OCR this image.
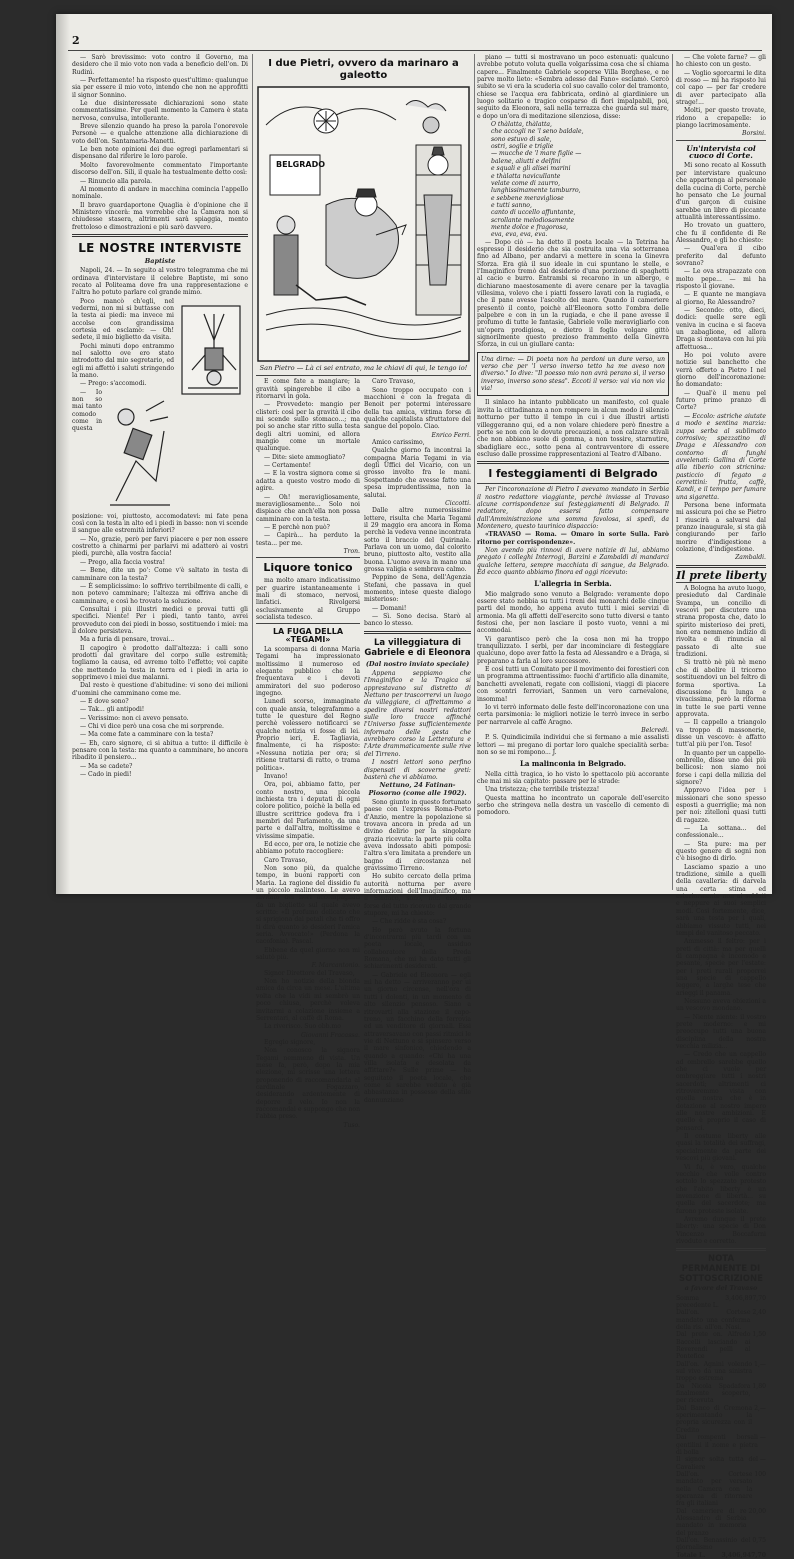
2

— Sarò brevissimo: voto contro il Governo, ma desidero che il mio voto non vada a beneficio dell'on. Di Rudinì.

— Perfettamente! ha risposto quest'ultimo: qualunque sia per essere il mio voto, intendo che non ne approfitti il signor Sonnino.

Le due disinteressate dichiarazioni sono state commentatissime. Per quell momento la Camera è stata nervosa, convulsa, intollerante.

Breve silenzio quando ha preso la parola l'onorevole Personè — e qualche attenzione alla dichiarazione di voto dell'on. Santamaria-Manetti.

Le ben note opinioni dei due egregi parlamentari si dispensano dal riferire le loro parole.

Molto favorevolmente commentato l'importante discorso dell'on. Sili, il quale ha testualmente detto così:

— Rinuncio alla parola.

Al momento di andare in macchina comincia l'appello nominale.

Il bravo guardaportone Quaglia è d'opinione che il Ministero vincerà: ma vorrebbe che la Camera non si chiudesse stasera, altrimenti sarà spiaggia, mento frettoloso e dimostrazioni e più sarò davvero.

LE NOSTRE INTERVISTE
Baptiste

Napoli, 24. — In seguito al vostro telegramma che mi ordinava d'intervistare il celebre Baptiste, mi sono recato al Politeama dove fra una rappresentazione e l'altra ho potuto parlare col grande mimo.

Poco mancò ch'egli, nel vedermi, non mi si buttasse con la testa ai piedi: ma invece mi accolse con grandissima cortesia ed esclamò: — Oh! sedete, il mio biglietto da visita.

Pochi minuti dopo entrammo nel salotto ove ero stato introdotto dal mio segretario, ed egli mi affettò i saluti stringendo la mano.

— Prego: s'accomodi.

— Io non so mai tanto comodo come in questa posizione: voi, piuttosto, accomodatevi: mi fate pena così con la testa in alto ed i piedi in basso: non vi scende il sangue alle estremità inferiori?

— No, grazie, però per farvi piacere e per non essere costretto a chinarmi per parlarvi mi adatterò ai vostri piedi, purchè, alla vostra faccia!

— Prego, alla faccia vostra!

— Bene, dite un po': Come v'è saltato in testa di camminare con la testa?

— È semplicissimo: lo soffrivo terribilmente di calli, e non potevo camminare; l'altezza mi offriva anche di camminare, e così ho trovato la soluzione.

Consultai i più illustri medici e provai tutti gli specifici. Niente! Per i piedi, tanto tanto, avrei provveduto con dei piedi in bosso, sostituendo i miei: ma il dolore persisteva.

Ma a furia di pensare, trovai...

Il capogiro è prodotto dall'altezza: i calli sono prodotti dal gravitare del corpo sulle estremità; togliamo la causa, ed avremo tolto l'effetto; voi capite che mettendo la testa in terra ed i piedi in aria io sopprimevo i miei due malanni.

Dal resto è questione d'abitudine: vi sono dei milioni d'uomini che camminano come me.

— E dove sono?

— Tak... gli antipodi!

— Verissimo: non ci avevo pensato.

— Chi vi dice però una cosa che mi sorprende.

— Ma come fate a camminare con la testa?

— Eh, caro signore, ci si abitua a tutto: il difficile è pensare con la testa: ma quanto a camminare, ho ancora ribadito il pensiero...

— Ma se cadete?

— Cado in piedi!

I due Pietri, ovvero da marinaro a galeotto
BELGRADO
San Pietro — Là ci sei entrato, ma le chiavi di qui, le tengo io!

E come fate a mangiare; la gravità spingerebbe il cibo a ritornarvi in gola.

— Provvedeto: mangio per clisteri: così per la gravità il cibo mi scende sullo stomaco...; ma poi so anche star ritto sulla testa degli altri uomini, ed allora mangio come un mortale qualunque.

— Dite: siete ammogliato?

— Certamente!

— E la vostra signora come si adatta a questo vostro modo di agire.

— Oh! meravigliosamente, meravigliosamente... Solo noi dispiace che anch'ella non possa camminare con la testa.

— E perchè non può?

— Capirà... ha perduto la testa... per me.

Tron.
Liquore tonico

ma molto amaro indicatissimo per guarire istantaneamente i mali di stomaco, nervosi, linfatici. Rivolgersi esclusivamente al Gruppo socialista tedesco.

LA FUGA DELLA «TEGAMI»

La scomparsa di donna Maria Tegami ha impressionato moltissimo il numeroso ed elegante pubblico che la frequentava e i devoti ammiratori del suo poderoso ingegno.

Lunedì scorso, immaginate con quale ansia, telegrafammo a tutte le questure del Regno perchè volessero notificarci se qualche notizia vi fosse di lei. Proprio ieri, E. Tagliavia, finalmente, ci ha risposto: «Nessuna notizia per ora; si ritiene trattarsi di ratto, o trama politica».

Invano!

Ora, poi, abbiamo fatto, per conto nostro, una piccola inchiesta tra i deputati di ogni colore politico, poichè la bella ed illustre scrittrice godeva fra i membri del Parlamento, da una parte e dall'altra, moltissime e vivissime simpatie.

Ed ecco, per ora, le notizie che abbiamo potuto raccogliere:

Caro Travaso,

Non sono più, da qualche tempo, in buoni rapporti con Maria. La ragione del dissidio fu un piccolo malinteso. Le avevo invitato dei fiori accompagnati da un biglietto sul quale avevo scritto: «Il profumo delicato che si sprigiona dai petali che ti offro ti dirà quanto io desideri l'amica seria. Avvocato!» (Perdona la cacofonia). Pascal.

Ebbene da quel giorno non mi salutò più.

F. Marcantonio.

Signor Direttore del Travaso,

Non ho notizie della bionda amica da circa un mese. L'ultima volta che la vidi mi sembrò un poco chiusa, perchè voleva invitarmi a colazione insieme a Serrentari, al caffè di Roma.

La riverisco. Suo obb.mo

Giovanni Fracassa.

Egregio signore,

Non conosco la signora Tegami nemmeno di vista. Un mese fa, però, dopo la mia elezione, mi scrisse una lettera proponendo di raccomandarla al cardinale Fogazzaro, desiderando ardentemente di deporre il velo. Io non la raccomandai e suppongo che non l'abbia preso.

Tuso.

Caro Travaso,

Sono troppo occupato con i macchioni e con la fregata di Benoit per potermi interessare della tua amica, vittima forse di qualche capitalista sfruttatore del sangue del popolo. Ciao.

Enrico Ferri.

Amico carissimo,

Qualche giorno fa incontrai la compagna Maria Tegami in via degli Uffici del Vicario, con un grosso involto fra le mani. Sospettando che avesse fatto una spesa imprudentissima, non la salutai.

Ciccotti.

Dalle altre numerosissime lettere, risulta che Maria Tegami il 29 maggio era ancora in Roma perchè la vedeva venne incontrata sotto il braccio del Quirinale. Parlava con un uomo, dal colorito bruno, piuttosto alto, vestito alla buona. L'uomo aveva in mano una grossa valigia e sembrava calmo.

Peppino de Sena, dell'Agenzia Stefani, che passava in quel momento, intese queste dialogo misterioso:

— Domani!

— Sì. Sono decisa. Starò al banco lo stesso.

La villeggiatura di Gabriele e di Eleonora
(Dal nostro inviato speciale)

Appena seppiamo che l'Imaginifico e la Tragica si apprestavano sul distretto di Nettuno per trascorrervi un luogo da villeggiare, ci affrettammo a spedire diversi nostri redattori sulle loro tracce affinchè l'Universo fosse sufficientemente informato delle gesta che avrebbero corso la Letteratura e l'Arte drammaticamente sulle rive del Tirreno.

I nostri lettori sono perfino dispensati di scoverne greti: basterà che vi abbiamo.

Nettuno, 24 Fatinan-Piosorno (come alle 1902).

Sono giunto in questo fortunato paese con l'express Roma-Porto d'Anzio, mentre la popolazione si trovava ancora in preda ad un divino delirio per la singolare grazia ricevuta: la parte più colta aveva indossato abiti pomposi: l'altra s'era limitata a prendere un bagno di circostanza nel gravissimo Tirreno.

Ho subito cercato della prima autorità notturna per avere informazioni dell'Imaginifico, ma il Sindaco, sono, non essendo forse del tutto ricevuto dal grande stupore, mi ha chiesto:

— Che ridde è sta cosa?

Ho però avuto la fortuna d'incontrarmi più tardi con un poeta locale, assiduo collaboratore della Preda Romana, che mi ha dato tutti gli schiarimenti desiderati.

— Gabriele ed Eleonora — egli mi ha detto — arriveranno per ui un giorno circense, nell'ora di tutti i dolenti, in un momento di alto silenzio pensoso. Siano a ritrovarti alla stazione il capo-treno, un facchino della ferrovia ed un venditore di giornali. Essi attraversavano con passi ritmici le vie di Nettuno e si spinsero verso il mare sinfonico, chiedendo a quando a quando: «Chi ha una villa isolata e desolata da affittare?» Sulle prime — ha seguitato il poeta locale, che come si sarebbe veduto è già abbastanza in possesso della stile dannunziano

piano — tutti si mostravano un poco estenuati: qualcuno avrebbe potuto voluta quella volgarissima cosa che si chiama capere... Finalmente Gabriele scoperse Villa Borghese, e ne parve molto lieto: «Sembra adesso dal Fano» esclamò. Cercò subito se vi era la scuderia col suo cavallo color del tramonto, chiese se l'acqua era fabbricata, ordinò al giardiniere un luogo solitario e tragico cosparso di fiori impalpabili, poi, seguito da Eleonora, salì nella terrazza che guarda sul mare, e dopo un'ora di meditazione silenziosa, disse:

O thàlatta, thàlatta,
che accogli ne 'l seno baldale,
sono estuvo di sale,
ostri, soglie e triglie
— mucche de 'l mare figlie —
balene, aliutti e delfini
e squali e gli alisei marini
e thàlatta navicullante
velate come di zaurro,
lunghissimamente tamburro,
e sebbene meravigliose
e tutti sanno,
canto di uccello affuntante,
scrollante melodiosamente
mente dolce e fragorosa,
eva, eva, eva, eva.

— Dopo ciò — ha detto il poeta locale — la Tetrina ha espresso il desiderio che sia costruita una via sotterranea fino ad Albano, per andarvi a mettere in scena la Ginevra Sforza. Era già il suo ideale in cui spuntano le stelle, e l'Imaginifico tremò dal desiderio d'una porzione di spaghetti al cacio e burro. Entrambi si recarono in un albergo, e dichiarano maestosamente di avere cenare per la tavaglia villesima, volevo che i piatti fossero lavati con la rugiada, e che il pane avesse l'ascolto del mare. Quando il cameriere presentò il conto, poichè all'Eleonora sotto l'ombra delle palpebre e con in un la rugiada, e che il pane avesse il profumo di tutte le fantasie, Gabriele volle meravigliarlo con un'opera prodigiosa, e dietro il foglio volgare gittò signorilmente questo prezioso frammento della Ginevra Sforza, in cui un giullare canta:

Una dirne: — Di poeta non ha perdoni un dure verso, un verso che per 'l verso inverso tetto ha me aveso non diverso." Io dive: "Il poesso mio non avrà perano sì, il verso inverso, inverso sono stesa". Eccoti il verso: vai via non via via!

Il sinlaco ha intanto pubblicato un manifesto, col quale invita la cittadinanza a non rompere in alcun modo il silenzio notturno per tutto il tempo in cui i due illustri artisti villeggeranno qui, ed a non volare chiedere però finestre a porte se non con le dovute precauzioni, a non calzare stivali che non abbiano suole di gomma, a non tossire, starnutire, sbadigliare ecc., sotto pena al contravventore di essere escluso dalle prossime rappresentazioni al Teatro d'Albano.

I festeggiamenti di Belgrado

Per l'incoronazione di Pietro I avevamo mandato in Serbia il nostro redattore viaggiante, perchè inviasse al Travaso alcune corrispondenze sui festeggiamenti di Belgrado. Il redattore, dopo essersi fatto compensare dall'Amministrazione una somma favolosa, si spedì, da Montenero, questo taurinico dispaccio:

«TRAVASO — Roma. — Omaro in sorte Sulla. Farò ritorno per corrispondenze».

Non avendo più rinnovi di avere notizie di lui, abbiamo pregato i colleghi Interrogi, Barzini e Zambaldi di mandarci qualche lettera, sempre macchiata di sangue, da Belgrado. Ed ecco quanto abbiamo finora ed oggi ricevuto:

L'allegria in Serbia.

Mio malgrado sono venuto a Belgrado: veramente dopo essere stato nebbia su tutti i treni dei monarchi delle cinque parti del mondo, ho appena avuto tutti i miei servizi di armonia. Ma gli affetti dell'esercito sono tutto diversi e tanto festosi che, per non lasciare il posto vuoto, venni a mi accomodai.

Vi garantisco però che la cosa non mi ha troppo tranquilizzato. I serbi, per dar incominciare di festeggiare qualcuno, dopo aver fatto la festa ad Alessandro e a Draga, si preparano a farla al loro successore.

E così tutti un Comitato per il movimento dei forestieri con un programma attraentissimo: fuochi d'artificio alla dinamite, banchetti avvelenati, regate con collisioni, viaggi di piacere con scontri ferroviari, Sanmen un vero carnevalone, insomma!

Io vi terrò informato delle feste dell'incoronazione con una certa parsimonia: le migliori notizie le terrò invece in serbo per narrarvele al caffè Aragno.

Belcredi.

P. S. Quindicimila individui che si fermano a mie assalisti lettori — mi pregano di portar loro qualche specialità serba: non so se mi rompono... J.

La malinconia in Belgrado.

Nella città tragica, io ho visto lo spettacolo più accorante che mai mi sia capitato: passare per le strade:

Una tristezza; che terribile tristezza!

Questa mattina ho incontrato un caporale dell'esercito serbo che stringeva nella destra un vascello di cemento di pomodoro.

— Che volete farne? — gli ho chiesto con un gesto.

— Voglio sgorcarmi le dita di rosso — mi ha risposto lui col capo — per far credere di aver partecipato alla strage!...

Molti, per questo trovate, ridono a crepapelle: io piango lacrimosamente.

Borsini.
Un'intervista col cuoco di Corte.

Mi sono recato al Kossuth per intervistare qualcuno che appartenga al personale della cucina di Corte, perchè ho pensato che Le journal d'un garçon di cuisine sarebbe un libro di piccante attualità interessantissimo.

Ho trovato un guattero, che fu il confidente di Re Alessandro, e gli ho chiesto:

— Qual'era il cibo preferito dal defunto sovrano?

— Le ova strapazzate con molto pepe... — mi ha risposto il giovane.

— E quante ne mangiava al giorno, Re Alessandro?

— Secondo: otto, dieci, dodici: quelle sere egli veniva in cucina e si faceva un zabaglione, ed allora Draga si montava con lui più affettuosa...

Ho poi voluto avere notizie sul banchetto che verrà offerto a Pietro I nel giorno dell'incoronazione: ho domandato:

— Qual'è il menu pel futuro primo pranzo di Corte?

— Eccolo: astriche aiutate a modo e sentina marzia: zuppa serba al sublimato corrosivo; spezzatino di Draga e Alessandro con contorno di funghi avvelenati: Gallina di Corte alla tiberio con stricnina: pasticcio di fegato a cerrettini: frutta, caffè, Kandi, e il tempo per fumare una sigaretta.

Persona bene informata mi assicura poi che se Pietro I riuscirà a salvarsi dal pranzo inaugurale, si sta già congiurando per farlo morire d'indigestione a colazione, d'indigestione.

Zambaldi.
Il prete liberty

A Bologna ha avuto luogo, presieduto dal Cardinale Svampa, un concilio di vescovi per discutere una strana proposta che, dato lo spirito misterioso dei preti, non era nemmeno indizio di rivolta e di rinuncia al passato di alte sue tradizioni.

Si trattò nè più nè meno che di abolire il tricorno sostituendovi un bel feltro di forma sportiva. La discussione fu lunga e vivacissima, però la riforma in tutte le sue parti venne approvata.

— Il cappello a triangolo va troppo di massonerie, disse un vescovo: è affatto tutt'al più per l'on. Teso!

In quanto per un cappello-ombrello, disse uno dei più bellicosi: non siamo noi forse i capi della milizia del signore?

Approvo l'idea per i missionari che sono spesso esposti a guerriglie; ma non per noi: zitelloni quasi tutti di ragazze.

— La sottana... del confessionale...

— Sta pure: ma per questo genere di sogni non c'è bisogno di dirlo.

Lasciamo spazio a uno tradizione, simile a quelli della cavalleria: di darvela una certa stima ed esteriormente non ai soldati e neppure ai suoi semplici modi. Così fortemente, dice, sarà una testa per i quali, abbiamo vissuto tutti, nei tempi del vanitoso peccato.

Ammesso il feltro: per i preti di città: ma per quelli di campagna è incomodo e pesante, specie per l'estate: per i preti rurali proporrei una specie di cappello leggero, a larghe tese che arieggi il panama.

Nessuno aveva obiezioni a un vescovo mondano.

— Niente niente: il vostro prete moderno: e mi preoccupo tutti una buona disciplina della nostra vecchia milizia...

— Credo che un cappello ad ombrello sarebbe quello che ci vuole per ombreggiare tutti i nostri sacerdoti; altrimenti ci ritroveremmo vista con quella nostra che è in dotazione al nostro impero alle nostre ambizioni. E quello è proprio il caso di pensarci.

Il costume liberty alle quasi la totalità dei suffragi, specialmente da parte dei vescovi più giovani.

Vi fu, è vero, qualche vecchio che volle contro sottolo lo spezzato protesto che l'abito liberty è un invenzione di libertà... su quella del sacerdote; ma furono proteste isolate.

Avremo dunque il prete liberty: una specie di Don Vincenzo Boccafurni rivoduto e corretto.

NOTA PERMANENTE DI SOTTOSCRIZIONE
a favore del Travaso
Somma precedente L.
3,406,897,70
Dall'on. Cortese mandato una conferma della ris. all'on. Nasi.
2,40
Dal prete on. Alfredo Baccelli lasciando ai Reverendi pelli al Pontefice
1,50
Dall'on. Agnini volendo sul vivo da una sinistra troppo estrema
1,—
Da Nicola Spadafora finalmente scoperto, per ricevuta
1,80
Dal Banco di Cremona sperimentando la propria sicurezza con il Credito
2,—
Dai rompenti borsali gentilini il nome e pietra di bolla
—
Il signor solta tutta del Cavaliere
—
Dall'on. Cortese mandato per versato nella Camera con la speranza di ritornare fra gli italiani
100
Dal cameriere di re Alessandro di Serbia mandato in memoria del pranzo
20,00
Dall'on. Benassinio del giornalismo
0,75
Totale L.	3,406,947,70
